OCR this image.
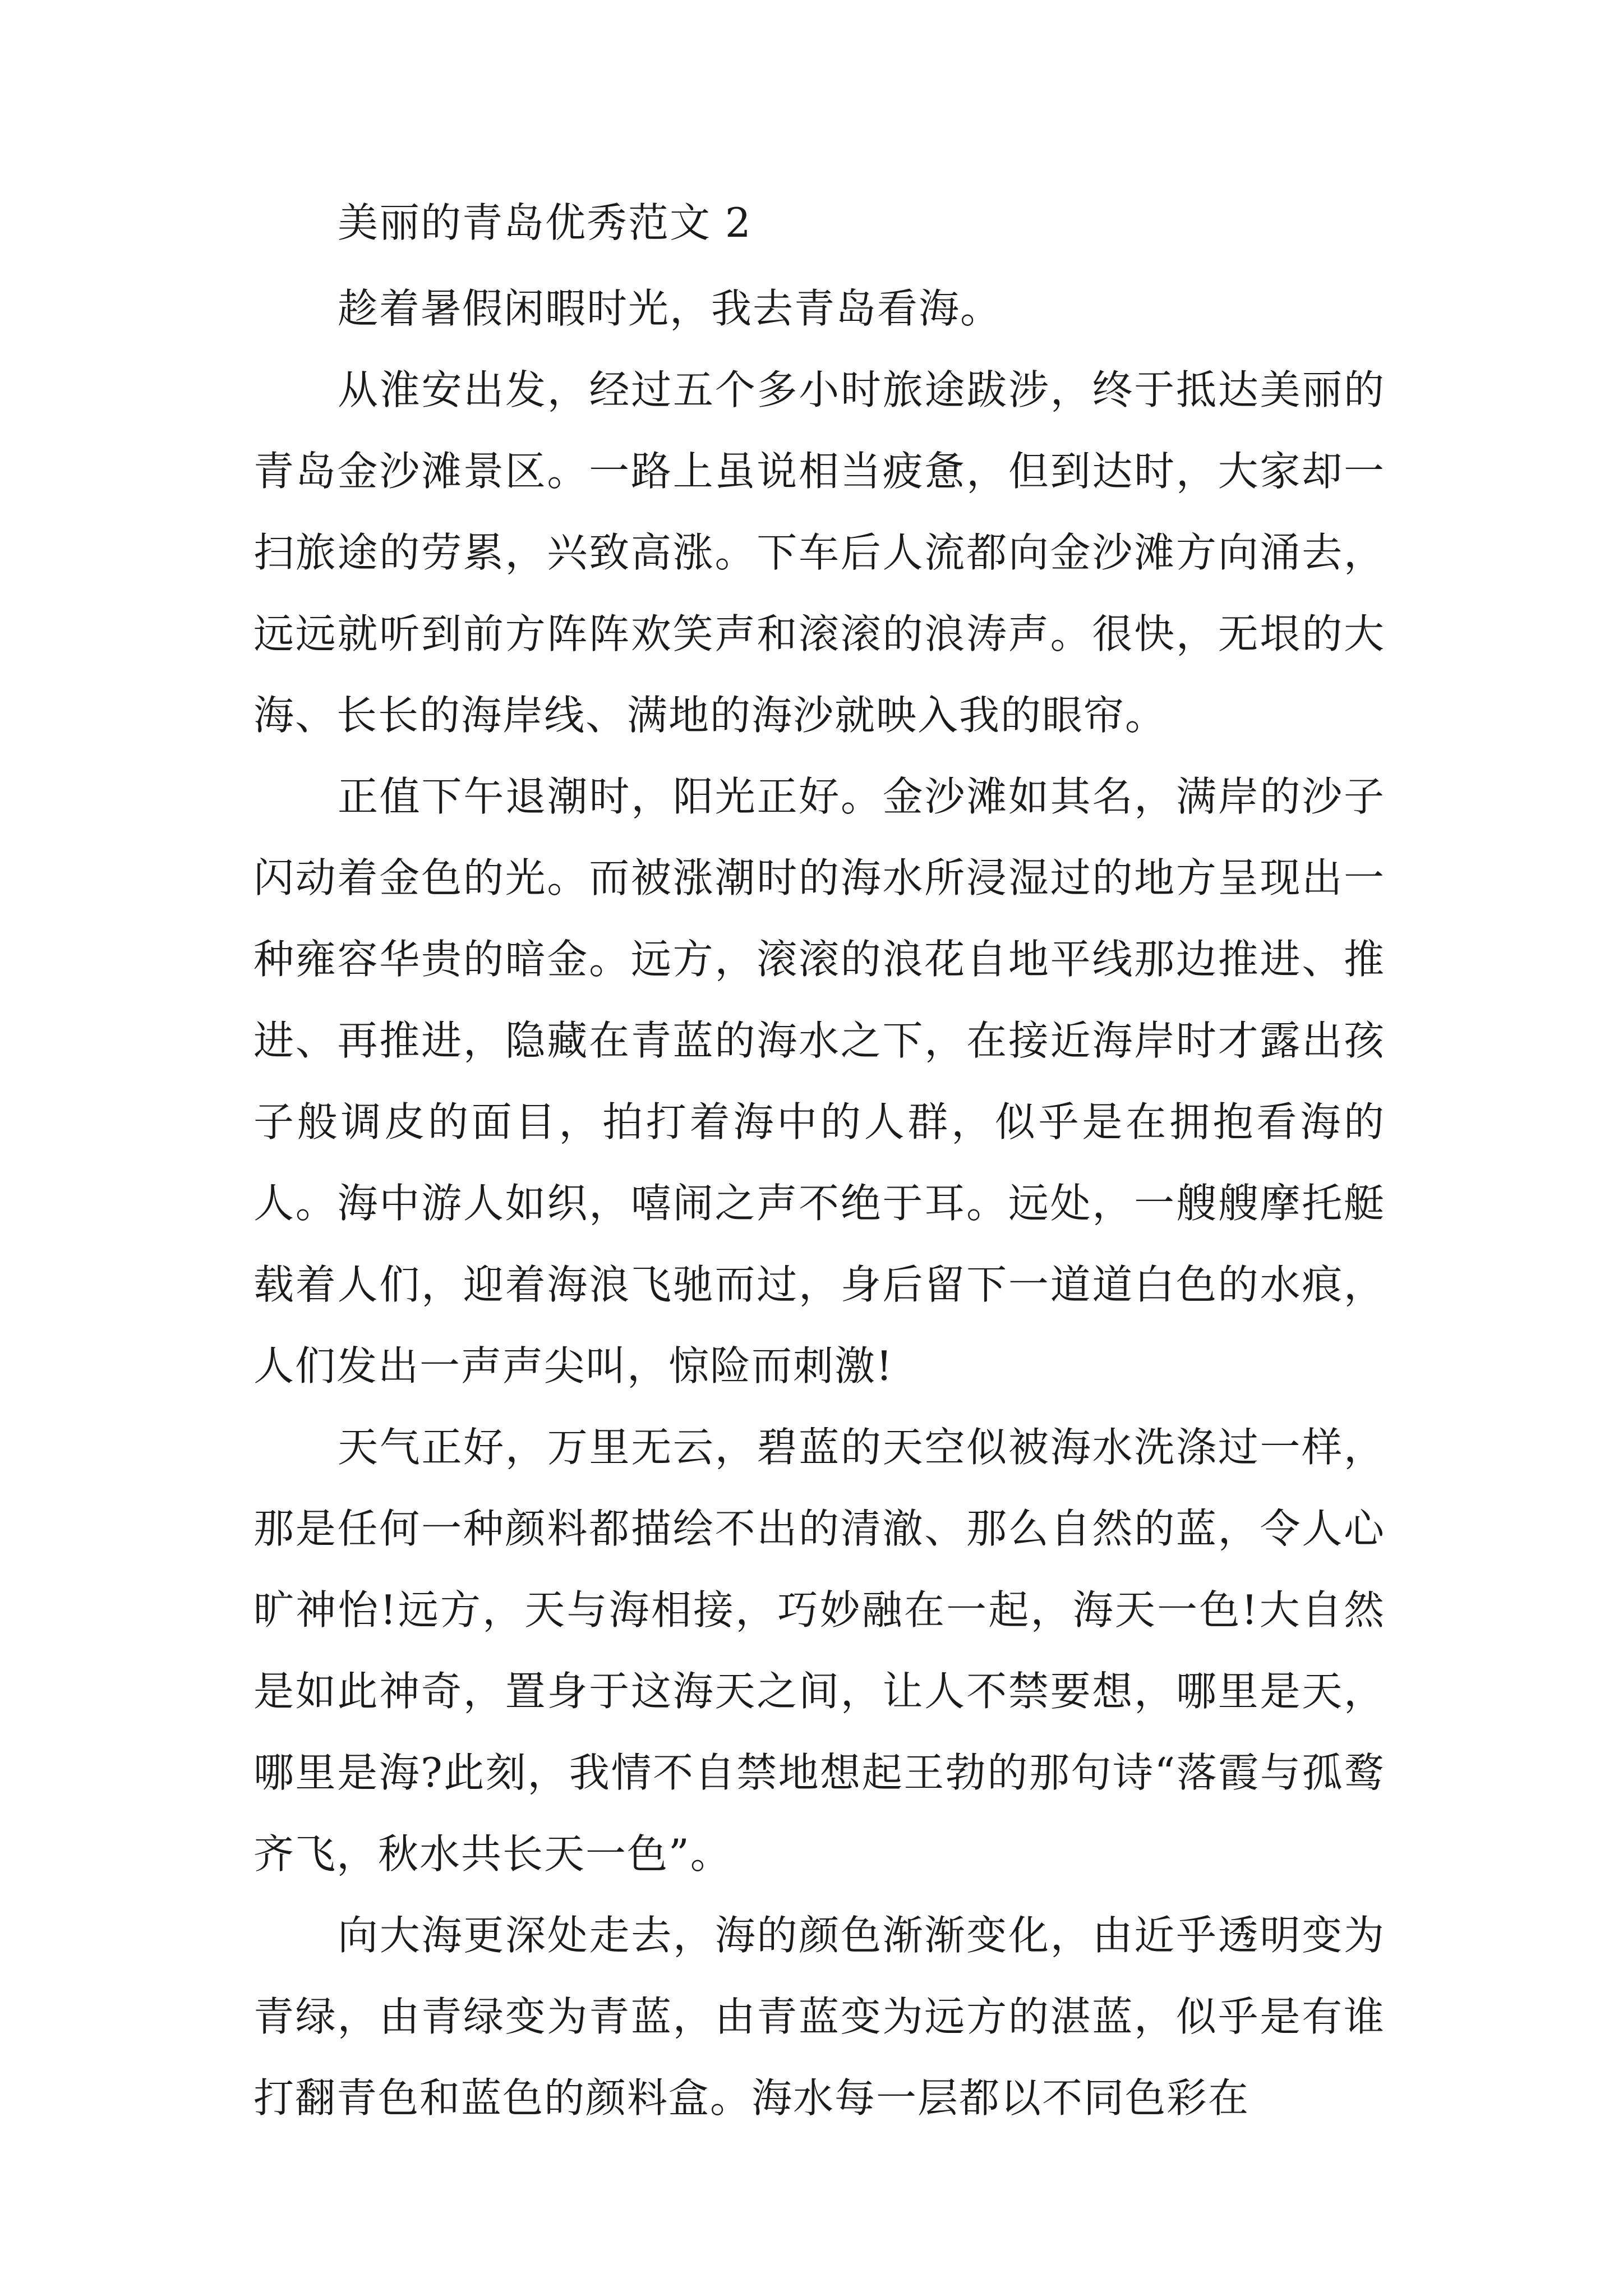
美丽的青岛优秀范文 2

趁着暑假闲暇时光，我去青岛看海。

从淮安出发，经过五个多小时旅途跋涉，终于抵达美丽的青岛金沙滩景区。一路上虽说相当疲惫，但到达时，大家却一扫旅途的劳累，兴致高涨。下车后人流都向金沙滩方向涌去，远远就听到前方阵阵欢笑声和滚滚的浪涛声。很快，无垠的大海、长长的海岸线、满地的海沙就映入我的眼帘。

正值下午退潮时，阳光正好。金沙滩如其名，满岸的沙子闪动着金色的光。而被涨潮时的海水所浸湿过的地方呈现出一种雍容华贵的暗金。远方，滚滚的浪花自地平线那边推进、推进、再推进，隐藏在青蓝的海水之下，在接近海岸时才露出孩子般调皮的面目，拍打着海中的人群，似乎是在拥抱看海的人。海中游人如织，嘻闹之声不绝于耳。远处，一艘艘摩托艇载着人们，迎着海浪飞驰而过，身后留下一道道白色的水痕，人们发出一声声尖叫，惊险而刺激!

天气正好，万里无云，碧蓝的天空似被海水洗涤过一样，那是任何一种颜料都描绘不出的清澈、那么自然的蓝，令人心旷神怡!远方，天与海相接，巧妙融在一起，海天一色!大自然是如此神奇，置身于这海天之间，让人不禁要想，哪里是天，哪里是海?此刻，我情不自禁地想起王勃的那句诗“落霞与孤鹜齐飞，秋水共长天一色”。

向大海更深处走去，海的颜色渐渐变化，由近乎透明变为青绿，由青绿变为青蓝，由青蓝变为远方的湛蓝，似乎是有谁打翻青色和蓝色的颜料盒。海水每一层都以不同色彩在
